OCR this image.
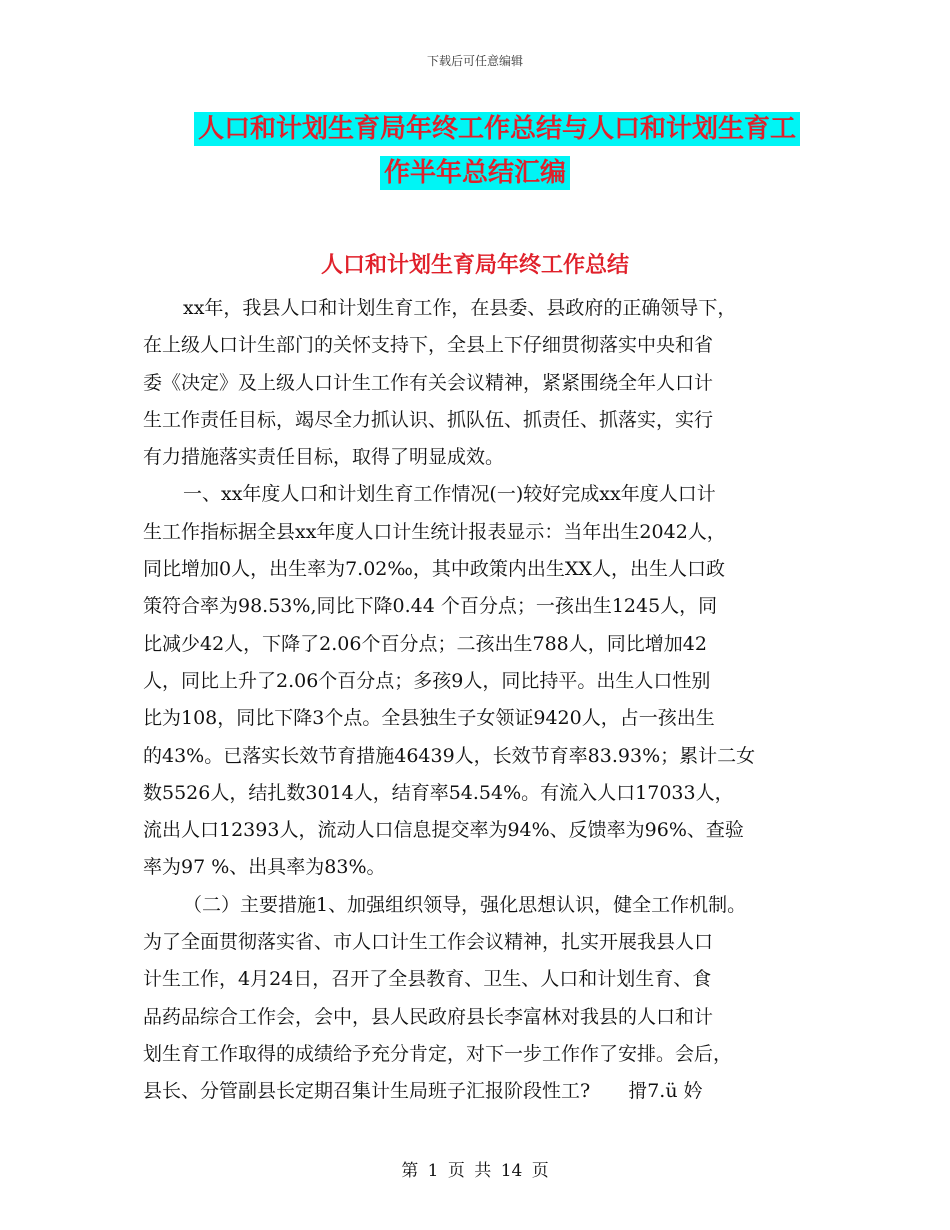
下载后可任意编辑
人口和计划生育局年终工作总结与人口和计划生育工
作半年总结汇编
人口和计划生育局年终工作总结
xx年，我县人口和计划生育工作，在县委、县政府的正确领导下，
在上级人口计生部门的关怀支持下，全县上下仔细贯彻落实中央和省
委《决定》及上级人口计生工作有关会议精神，紧紧围绕全年人口计
生工作责任目标，竭尽全力抓认识、抓队伍、抓责任、抓落实，实行
有力措施落实责任目标，取得了明显成效。
一、xx年度人口和计划生育工作情况(一)较好完成xx年度人口计
生工作指标据全县xx年度人口计生统计报表显示：当年出生2042人，
同比增加0人，出生率为7.02‰，其中政策内出生XX人，出生人口政
策符合率为98.53%,同比下降0.44 个百分点；一孩出生1245人，同
比减少42人，下降了2.06个百分点；二孩出生788人，同比增加42
人，同比上升了2.06个百分点；多孩9人，同比持平。出生人口性别
比为108，同比下降3个点。全县独生子女领证9420人，占一孩出生
的43%。已落实长效节育措施46439人，长效节育率83.93%；累计二女
数5526人，结扎数3014人，结育率54.54%。有流入人口17033人，
流出人口12393人，流动人口信息提交率为94%、反馈率为96%、查验
率为97 %、出具率为83%。
（二）主要措施1、加强组织领导，强化思想认识，健全工作机制。
为了全面贯彻落实省、市人口计生工作会议精神，扎实开展我县人口
计生工作，4月24日，召开了全县教育、卫生、人口和计划生育、食
品药品综合工作会，会中，县人民政府县长李富林对我县的人口和计
划生育工作取得的成绩给予充分肯定，对下一步工作作了安排。会后，
县长、分管副县长定期召集计生局班子汇报阶段性工?　　搰7.ü 妗
第 1 页 共 14 页
